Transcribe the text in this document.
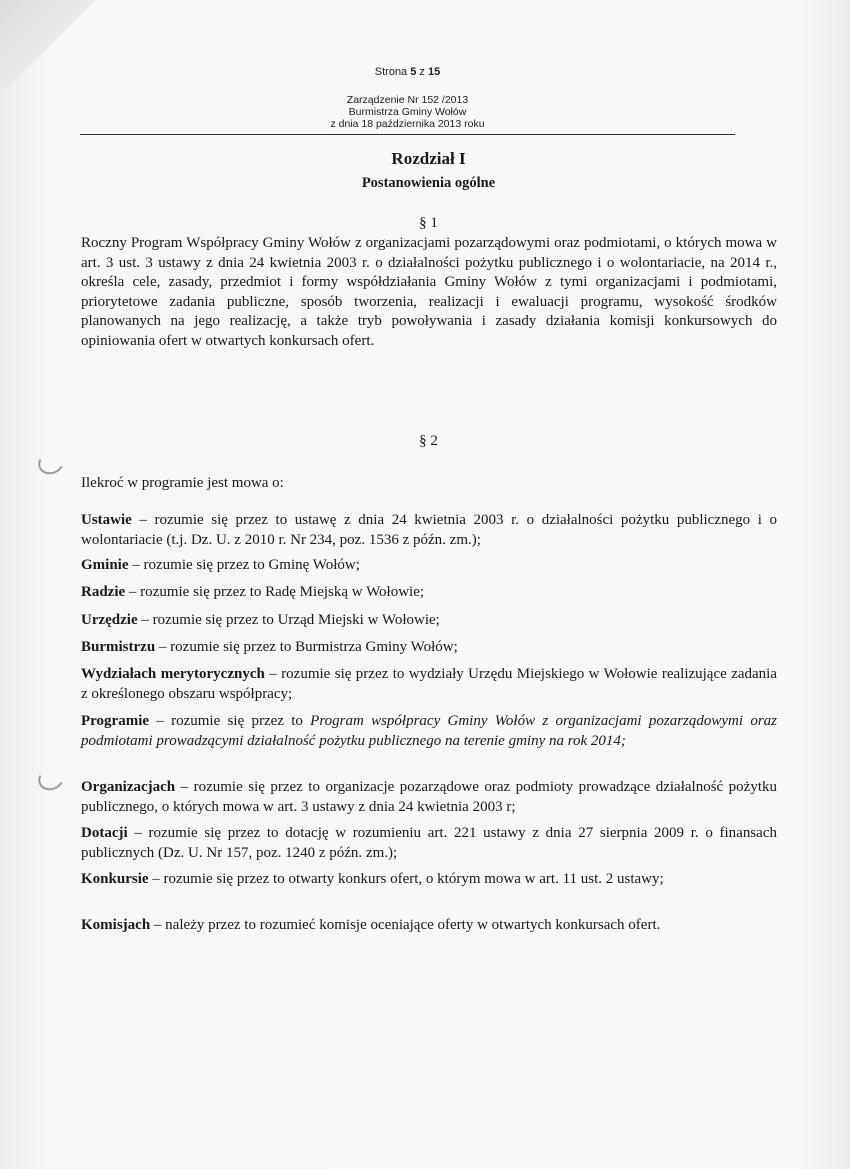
Strona 5 z 15
Zarządzenie Nr 152 /2013
Burmistrza Gminy Wołów
z dnia 18 października 2013 roku
Rozdział I
Postanowienia ogólne
§ 1
Roczny Program Współpracy Gminy Wołów z organizacjami pozarządowymi oraz podmiotami, o których mowa w art. 3 ust. 3 ustawy z dnia 24 kwietnia 2003 r. o działalności pożytku publicznego i o wolontariacie, na 2014 r., określa cele, zasady, przedmiot i formy współdziałania Gminy Wołów z tymi organizacjami i podmiotami, priorytetowe zadania publiczne, sposób tworzenia, realizacji i ewaluacji programu, wysokość środków planowanych na jego realizację, a także tryb powoływania i zasady działania komisji konkursowych do opiniowania ofert w otwartych konkursach ofert.
§ 2
Ilekroć w programie jest mowa o:
Ustawie – rozumie się przez to ustawę z dnia 24 kwietnia 2003 r. o działalności pożytku publicznego i o wolontariacie (t.j. Dz. U. z 2010 r. Nr 234, poz. 1536 z późn. zm.);
Gminie – rozumie się przez to Gminę Wołów;
Radzie – rozumie się przez to Radę Miejską w Wołowie;
Urzędzie – rozumie się przez to Urząd Miejski w Wołowie;
Burmistrzu – rozumie się przez to Burmistrza Gminy Wołów;
Wydziałach merytorycznych – rozumie się przez to wydziały Urzędu Miejskiego w Wołowie realizujące zadania z określonego obszaru współpracy;
Programie – rozumie się przez to Program współpracy Gminy Wołów z organizacjami pozarządowymi oraz podmiotami prowadzącymi działalność pożytku publicznego na terenie gminy na rok 2014;
Organizacjach – rozumie się przez to organizacje pozarządowe oraz podmioty prowadzące działalność pożytku publicznego, o których mowa w art. 3 ustawy z dnia 24 kwietnia 2003 r;
Dotacji – rozumie się przez to dotację w rozumieniu art. 221 ustawy z dnia 27 sierpnia 2009 r. o finansach publicznych (Dz. U. Nr 157, poz. 1240 z późn. zm.);
Konkursie – rozumie się przez to otwarty konkurs ofert, o którym mowa w art. 11 ust. 2 ustawy;
Komisjach – należy przez to rozumieć komisje oceniające oferty w otwartych konkursach ofert.
